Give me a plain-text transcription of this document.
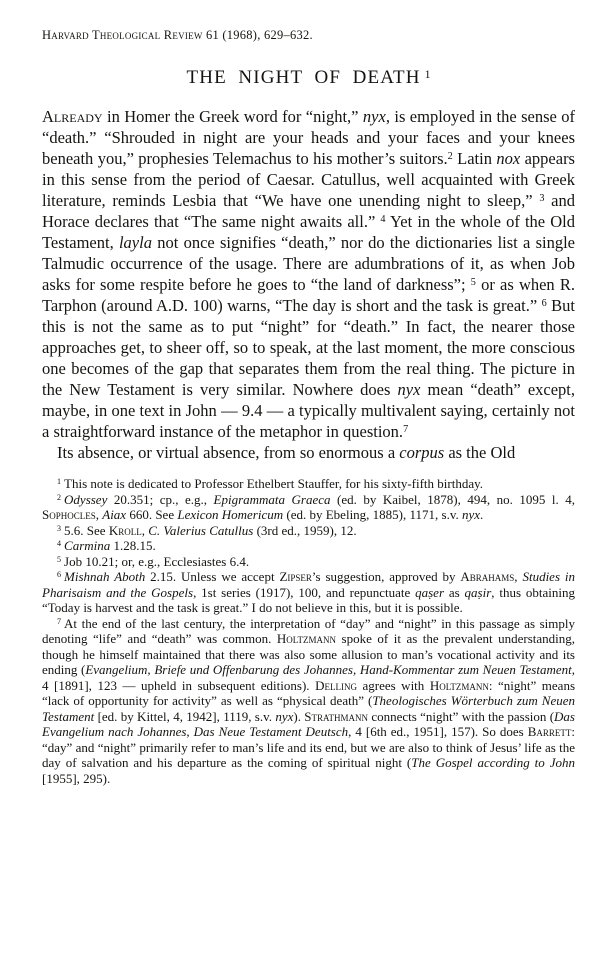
Harvard Theological Review 61 (1968), 629–632.
THE NIGHT OF DEATH $^1$

Already in Homer the Greek word for “night,” nyx, is employed in the sense of “death.” “Shrouded in night are your heads and your faces and your knees beneath you,” prophesies Telemachus to his mother’s suitors.$^2$ Latin nox appears in this sense from the period of Caesar. Catullus, well acquainted with Greek literature, reminds Lesbia that “We have one unending night to sleep,” $^3$ and Horace declares that “The same night awaits all.” $^4$ Yet in the whole of the Old Testament, layla not once signifies “death,” nor do the dictionaries list a single Talmudic occurrence of the usage. There are adumbrations of it, as when Job asks for some respite before he goes to “the land of darkness”; $^5$ or as when R. Tarphon (around A.D. 100) warns, “The day is short and the task is great.” $^6$ But this is not the same as to put “night” for “death.” In fact, the nearer those approaches get, to sheer off, so to speak, at the last moment, the more conscious one becomes of the gap that separates them from the real thing. The picture in the New Testament is very similar. Nowhere does nyx mean “death” except, maybe, in one text in John — 9.4 — a typically multivalent saying, certainly not a straightforward instance of the metaphor in question.$^7$

Its absence, or virtual absence, from so enormous a corpus as the Old

$^1$ This note is dedicated to Professor Ethelbert Stauffer, for his sixty-fifth birthday.

$^2$ Odyssey 20.351; cp., e.g., Epigrammata Graeca (ed. by Kaibel, 1878), 494, no. 1095 l. 4, Sophocles, Aiax 660. See Lexicon Homericum (ed. by Ebeling, 1885), 1171, s.v. nyx.

$^3$ 5.6. See Kroll, C. Valerius Catullus (3rd ed., 1959), 12.

$^4$ Carmina 1.28.15.

$^5$ Job 10.21; or, e.g., Ecclesiastes 6.4.

$^6$ Mishnah Aboth 2.15. Unless we accept Zipser’s suggestion, approved by Abrahams, Studies in Pharisaism and the Gospels, 1st series (1917), 100, and repunctuate qaṣer as qaṣir, thus obtaining “Today is harvest and the task is great.” I do not believe in this, but it is possible.

$^7$ At the end of the last century, the interpretation of “day” and “night” in this passage as simply denoting “life” and “death” was common. Holtzmann spoke of it as the prevalent understanding, though he himself maintained that there was also some allusion to man’s vocational activity and its ending (Evangelium, Briefe und Offenbarung des Johannes, Hand-Kommentar zum Neuen Testament, 4 [1891], 123 — upheld in subsequent editions). Delling agrees with Holtzmann: “night” means “lack of opportunity for activity” as well as “physical death” (Theologisches Wörterbuch zum Neuen Testament [ed. by Kittel, 4, 1942], 1119, s.v. nyx). Strathmann connects “night” with the passion (Das Evangelium nach Johannes, Das Neue Testament Deutsch, 4 [6th ed., 1951], 157). So does Barrett: “day” and “night” primarily refer to man’s life and its end, but we are also to think of Jesus’ life as the day of salvation and his departure as the coming of spiritual night (The Gospel according to John [1955], 295).
